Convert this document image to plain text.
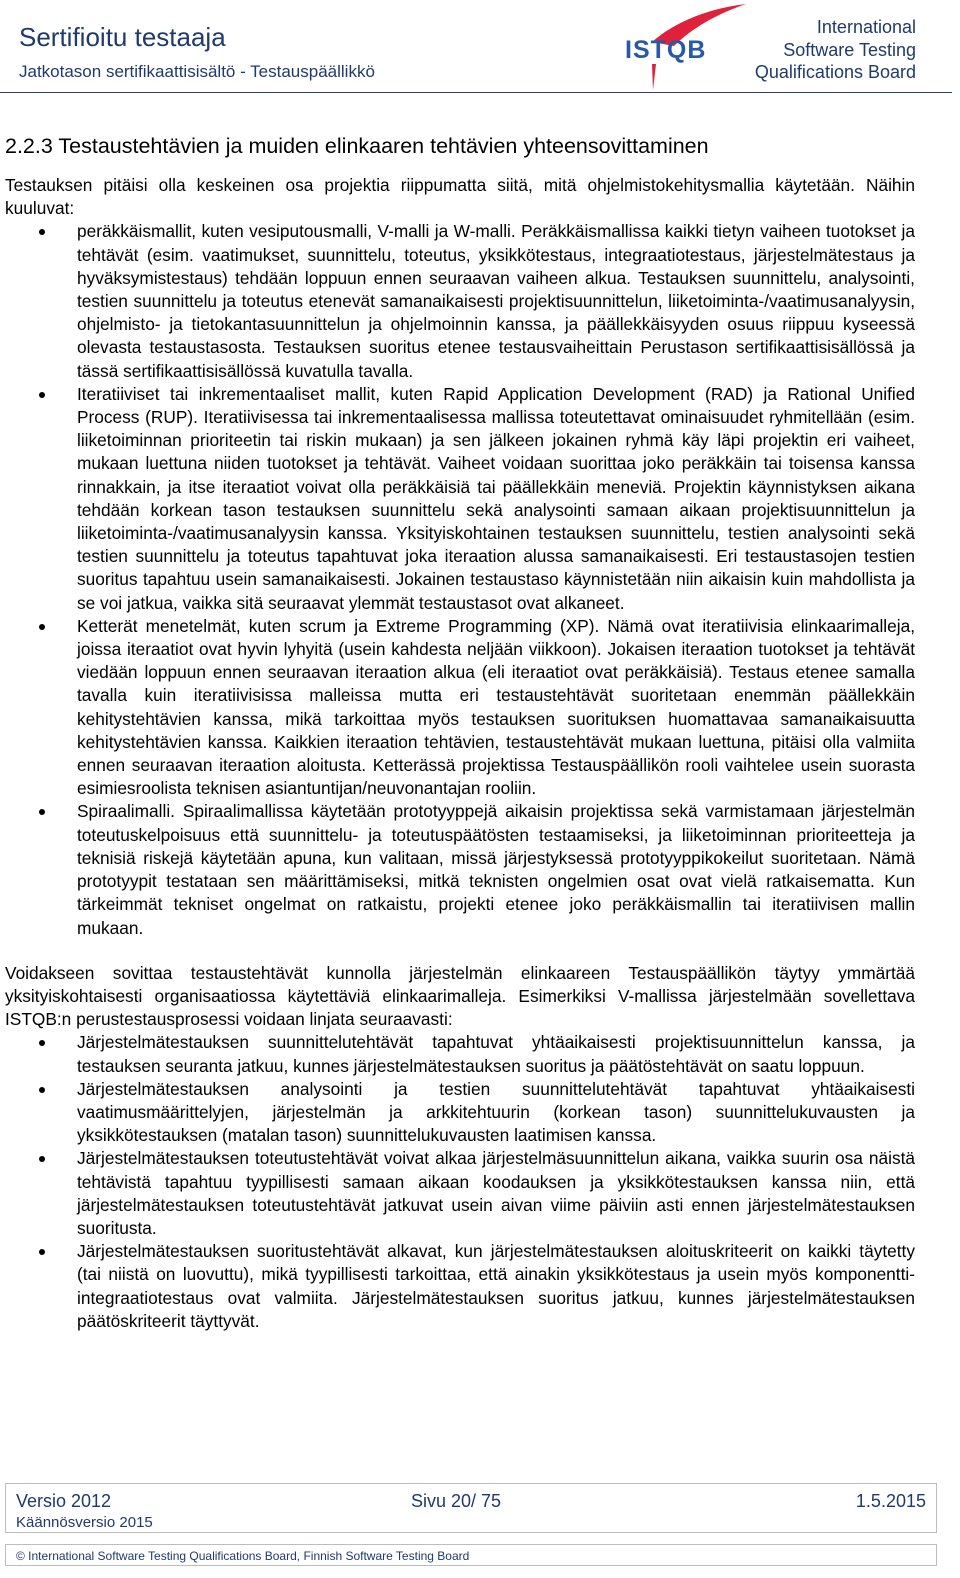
Sertifioitu testaaja
Jatkotason sertifikaattisisältö - Testauspäällikkö
ISTQB
International
Software Testing
Qualifications Board
2.2.3 Testaustehtävien ja muiden elinkaaren tehtävien yhteensovittaminen

Testauksen pitäisi olla keskeinen osa projektia riippumatta siitä, mitä ohjelmistokehitysmallia käytetään. Näihin kuuluvat:

peräkkäismallit, kuten vesiputousmalli, V-malli ja W-malli. Peräkkäismallissa kaikki tietyn vaiheen tuotokset ja tehtävät (esim. vaatimukset, suunnittelu, toteutus, yksikkötestaus, integraatiotestaus, järjestelmätestaus ja hyväksymistestaus) tehdään loppuun ennen seuraavan vaiheen alkua. Testauksen suunnittelu, analysointi, testien suunnittelu ja toteutus etenevät samanaikaisesti projektisuunnittelun, liiketoiminta-/vaatimusanalyysin, ohjelmisto- ja tietokantasuunnittelun ja ohjelmoinnin kanssa, ja päällekkäisyyden osuus riippuu kyseessä olevasta testaustasosta. Testauksen suoritus etenee testausvaiheittain Perustason sertifikaattisisällössä ja tässä sertifikaattisisällössä kuvatulla tavalla.
Iteratiiviset tai inkrementaaliset mallit, kuten Rapid Application Development (RAD) ja Rational Unified Process (RUP). Iteratiivisessa tai inkrementaalisessa mallissa toteutettavat ominaisuudet ryhmitellään (esim. liiketoiminnan prioriteetin tai riskin mukaan) ja sen jälkeen jokainen ryhmä käy läpi projektin eri vaiheet, mukaan luettuna niiden tuotokset ja tehtävät. Vaiheet voidaan suorittaa joko peräkkäin tai toisensa kanssa rinnakkain, ja itse iteraatiot voivat olla peräkkäisiä tai päällekkäin meneviä. Projektin käynnistyksen aikana tehdään korkean tason testauksen suunnittelu sekä analysointi samaan aikaan projektisuunnittelun ja liiketoiminta-/vaatimusanalyysin kanssa. Yksityiskohtainen testauksen suunnittelu, testien analysointi sekä testien suunnittelu ja toteutus tapahtuvat joka iteraation alussa samanaikaisesti. Eri testaustasojen testien suoritus tapahtuu usein samanaikaisesti. Jokainen testaustaso käynnistetään niin aikaisin kuin mahdollista ja se voi jatkua, vaikka sitä seuraavat ylemmät testaustasot ovat alkaneet.
Ketterät menetelmät, kuten scrum ja Extreme Programming (XP). Nämä ovat iteratiivisia elinkaarimalleja, joissa iteraatiot ovat hyvin lyhyitä (usein kahdesta neljään viikkoon). Jokaisen iteraation tuotokset ja tehtävät viedään loppuun ennen seuraavan iteraation alkua (eli iteraatiot ovat peräkkäisiä). Testaus etenee samalla tavalla kuin iteratiivisissa malleissa mutta eri testaustehtävät suoritetaan enemmän päällekkäin kehitystehtävien kanssa, mikä tarkoittaa myös testauksen suorituksen huomattavaa samanaikaisuutta kehitystehtävien kanssa. Kaikkien iteraation tehtävien, testaustehtävät mukaan luettuna, pitäisi olla valmiita ennen seuraavan iteraation aloitusta. Ketterässä projektissa Testauspäällikön rooli vaihtelee usein suorasta esimiesroolista teknisen asiantuntijan/neuvonantajan rooliin.
Spiraalimalli. Spiraalimallissa käytetään prototyyppejä aikaisin projektissa sekä varmistamaan järjestelmän toteutuskelpoisuus että suunnittelu- ja toteutuspäätösten testaamiseksi, ja liiketoiminnan prioriteetteja ja teknisiä riskejä käytetään apuna, kun valitaan, missä järjestyksessä prototyyppikokeilut suoritetaan. Nämä prototyypit testataan sen määrittämiseksi, mitkä teknisten ongelmien osat ovat vielä ratkaisematta. Kun tärkeimmät tekniset ongelmat on ratkaistu, projekti etenee joko peräkkäismallin tai iteratiivisen mallin mukaan.

Voidakseen sovittaa testaustehtävät kunnolla järjestelmän elinkaareen Testauspäällikön täytyy ymmärtää yksityiskohtaisesti organisaatiossa käytettäviä elinkaarimalleja. Esimerkiksi V-mallissa järjestelmään sovellettava ISTQB:n perustestausprosessi voidaan linjata seuraavasti:

Järjestelmätestauksen suunnittelutehtävät tapahtuvat yhtäaikaisesti projektisuunnittelun kanssa, ja testauksen seuranta jatkuu, kunnes järjestelmätestauksen suoritus ja päätöstehtävät on saatu loppuun.
Järjestelmätestauksen analysointi ja testien suunnittelutehtävät tapahtuvat yhtäaikaisesti vaatimusmäärittelyjen, järjestelmän ja arkkitehtuurin (korkean tason) suunnittelukuvausten ja yksikkötestauksen (matalan tason) suunnittelukuvausten laatimisen kanssa.
Järjestelmätestauksen toteutustehtävät voivat alkaa järjestelmäsuunnittelun aikana, vaikka suurin osa näistä tehtävistä tapahtuu tyypillisesti samaan aikaan koodauksen ja yksikkötestauksen kanssa niin, että järjestelmätestauksen toteutustehtävät jatkuvat usein aivan viime päiviin asti ennen järjestelmätestauksen suoritusta.
Järjestelmätestauksen suoritustehtävät alkavat, kun järjestelmätestauksen aloituskriteerit on kaikki täytetty (tai niistä on luovuttu), mikä tyypillisesti tarkoittaa, että ainakin yksikkötestaus ja usein myös komponentti-integraatiotestaus ovat valmiita. Järjestelmätestauksen suoritus jatkuu, kunnes järjestelmätestauksen päätöskriteerit täyttyvät.
Versio 2012
Käännösversio 2015
Sivu 20/ 75	1.5.2015
© International Software Testing Qualifications Board, Finnish Software Testing Board
